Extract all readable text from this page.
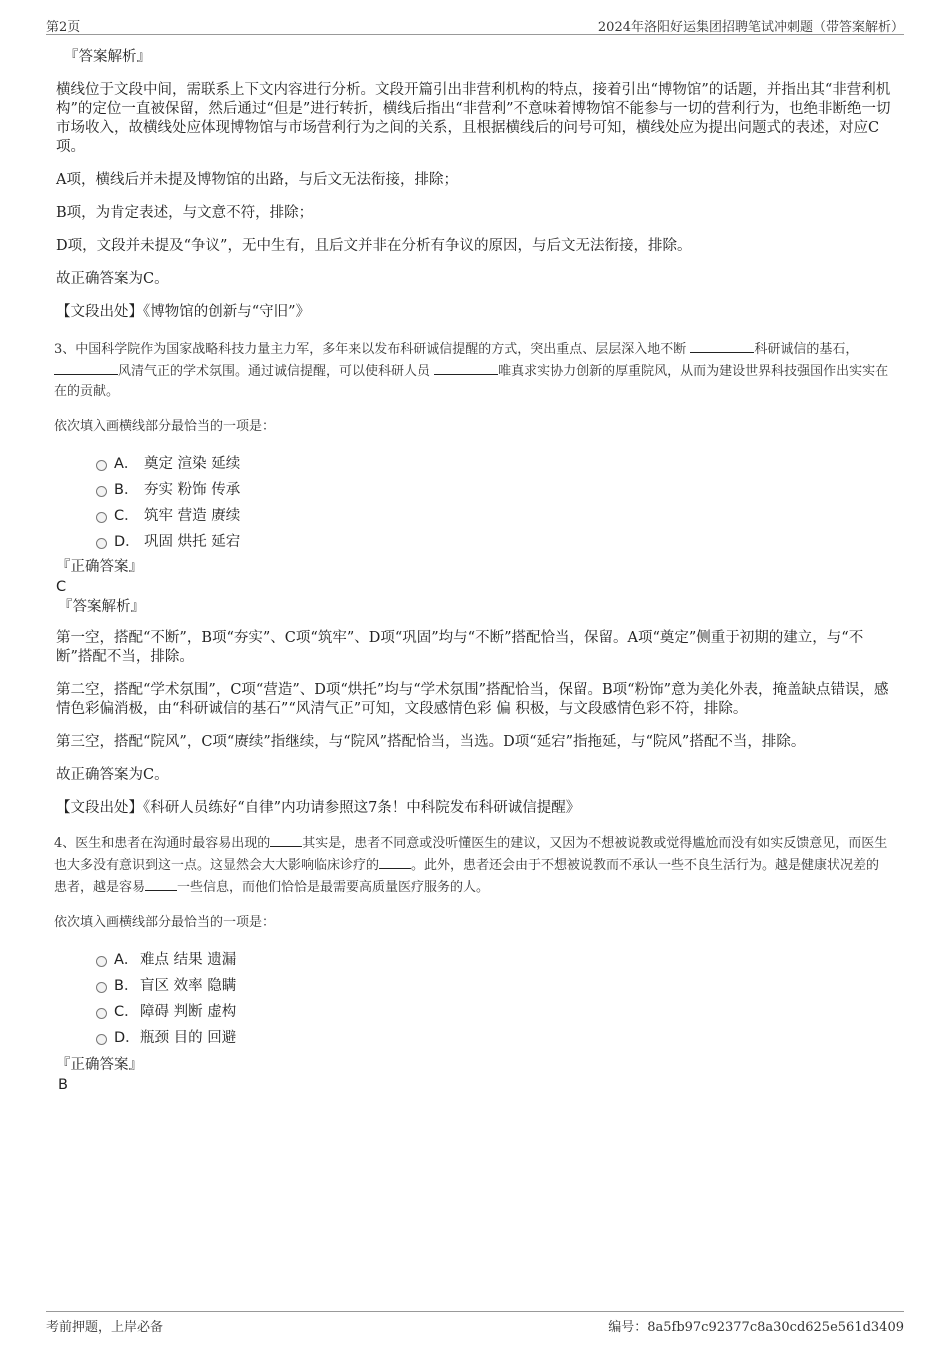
第2页	2024年洛阳好运集团招聘笔试冲刺题（带答案解析）

『答案解析』

横线位于文段中间，需联系上下文内容进行分析。文段开篇引出非营利机构的特点，接着引出“博物馆”的话题，并指出其“非营利机构”的定位一直被保留，然后通过“但是”进行转折，横线后指出“非营利”不意味着博物馆不能参与一切的营利行为，也绝非断绝一切市场收入，故横线处应体现博物馆与市场营利行为之间的关系，且根据横线后的问号可知，横线处应为提出问题式的表述，对应C项。

A项，横线后并未提及博物馆的出路，与后文无法衔接，排除；

B项，为肯定表述，与文意不符，排除；

D项，文段并未提及“争议”，无中生有，且后文并非在分析有争议的原因，与后文无法衔接，排除。

故正确答案为C。

【文段出处】《博物馆的创新与“守旧”》

3、中国科学院作为国家战略科技力量主力军，多年来以发布科研诚信提醒的方式，突出重点、层层深入地不断	科研诚信的基石，风清气正的学术氛围。通过诚信提醒，可以使科研人员	唯真求实协力创新的厚重院风，从而为建设世界科技强国作出实实在在的贡献。

依次填入画横线部分最恰当的一项是：

A． 奠定 渲染 延续
B． 夯实 粉饰 传承
C． 筑牢 营造 赓续
D． 巩固 烘托 延宕

『正确答案』

C

『答案解析』

第一空，搭配“不断”，B项“夯实”、C项“筑牢”、D项“巩固”均与“不断”搭配恰当，保留。A项“奠定”侧重于初期的建立，与“不断”搭配不当，排除。

第二空，搭配“学术氛围”，C项“营造”、D项“烘托”均与“学术氛围”搭配恰当，保留。B项“粉饰”意为美化外表，掩盖缺点错误，感情色彩偏消极，由“科研诚信的基石”“风清气正”可知，文段感情色彩 偏 积极，与文段感情色彩不符，排除。

第三空，搭配“院风”，C项“赓续”指继续，与“院风”搭配恰当，当选。D项“延宕”指拖延，与“院风”搭配不当，排除。

故正确答案为C。

【文段出处】《科研人员练好“自律”内功请参照这7条！中科院发布科研诚信提醒》

4、医生和患者在沟通时最容易出现的 其实是，患者不同意或没听懂医生的建议，又因为不想被说教或觉得尴尬而没有如实反馈意见，而医生也大多没有意识到这一点。这显然会大大影响临床诊疗的 。此外，患者还会由于不想被说教而不承认一些不良生活行为。越是健康状况差的患者，越是容易 一些信息，而他们恰恰是最需要高质量医疗服务的人。

依次填入画横线部分最恰当的一项是：

A． 难点 结果 遗漏
B． 盲区 效率 隐瞒
C． 障碍 判断 虚构
D． 瓶颈 目的 回避

『正确答案』

B

考前押题，上岸必备	编号：8a5fb97c92377c8a30cd625e561d3409
